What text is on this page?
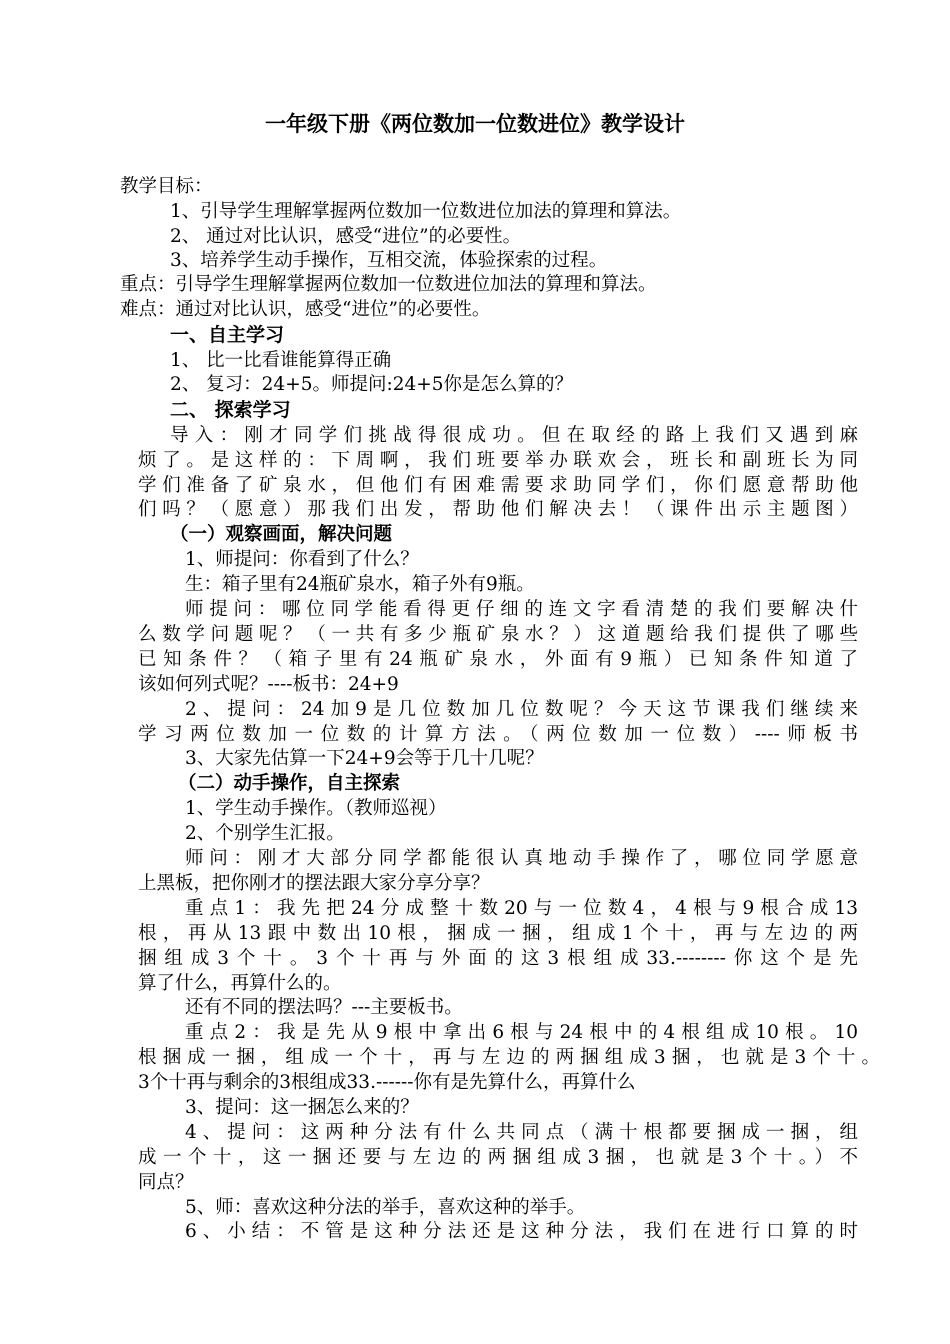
一年级下册《两位数加一位数进位》教学设计
教学目标：
1、引导学生理解掌握两位数加一位数进位加法的算理和算法。
2、 通过对比认识，感受“进位”的必要性。
3、培养学生动手操作，互相交流，体验探索的过程。
重点：引导学生理解掌握两位数加一位数进位加法的算理和算法。
难点：通过对比认识，感受“进位”的必要性。
一、自主学习
1、 比一比看谁能算得正确
2、 复习：24+5。师提问:24+5你是怎么算的？
二、 探索学习
导入：刚才同学们挑战得很成功。但在取经的路上我们又遇到麻
烦了。是这样的：下周啊，我们班要举办联欢会，班长和副班长为同
学们准备了矿泉水，但他们有困难需要求助同学们，你们愿意帮助他
们吗？（愿意）那我们出发，帮助他们解决去！（课件出示主题图）
（一）观察画面，解决问题
1、师提问：你看到了什么？
生：箱子里有24瓶矿泉水，箱子外有9瓶。
师提问：哪位同学能看得更仔细的连文字看清楚的我们要解决什
么数学问题呢？（一共有多少瓶矿泉水？）这道题给我们提供了哪些
已知条件？（箱子里有24瓶矿泉水，外面有9瓶）已知条件知道了
该如何列式呢？----板书：24+9
2、提问：24加9是几位数加几位数呢？今天这节课我们继续来
学习两位数加一位数的计算方法。（两位数加一位数）----师板书
3、大家先估算一下24+9会等于几十几呢？
（二）动手操作，自主探索
1、学生动手操作。（教师巡视）
2、个别学生汇报。
师问：刚才大部分同学都能很认真地动手操作了，哪位同学愿意
上黑板，把你刚才的摆法跟大家分享分享？
重点1：我先把24分成整十数20与一位数4，4根与9根合成13
根，再从13跟中数出10根，捆成一捆，组成1个十，再与左边的两
捆组成3个十。3个十再与外面的这3根组成33.--------你这个是先
算了什么，再算什么的。
还有不同的摆法吗？---主要板书。
重点2：我是先从9根中拿出6根与24根中的4根组成10根。10
根捆成一捆，组成一个十，再与左边的两捆组成3捆，也就是3个十。
3个十再与剩余的3根组成33.------你有是先算什么，再算什么
3、提问：这一捆怎么来的？
4、提问：这两种分法有什么共同点（满十根都要捆成一捆，组
成一个十，这一捆还要与左边的两捆组成3捆，也就是3个十。）不
同点？
5、师：喜欢这种分法的举手，喜欢这种的举手。
6、小结：不管是这种分法还是这种分法，我们在进行口算的时
